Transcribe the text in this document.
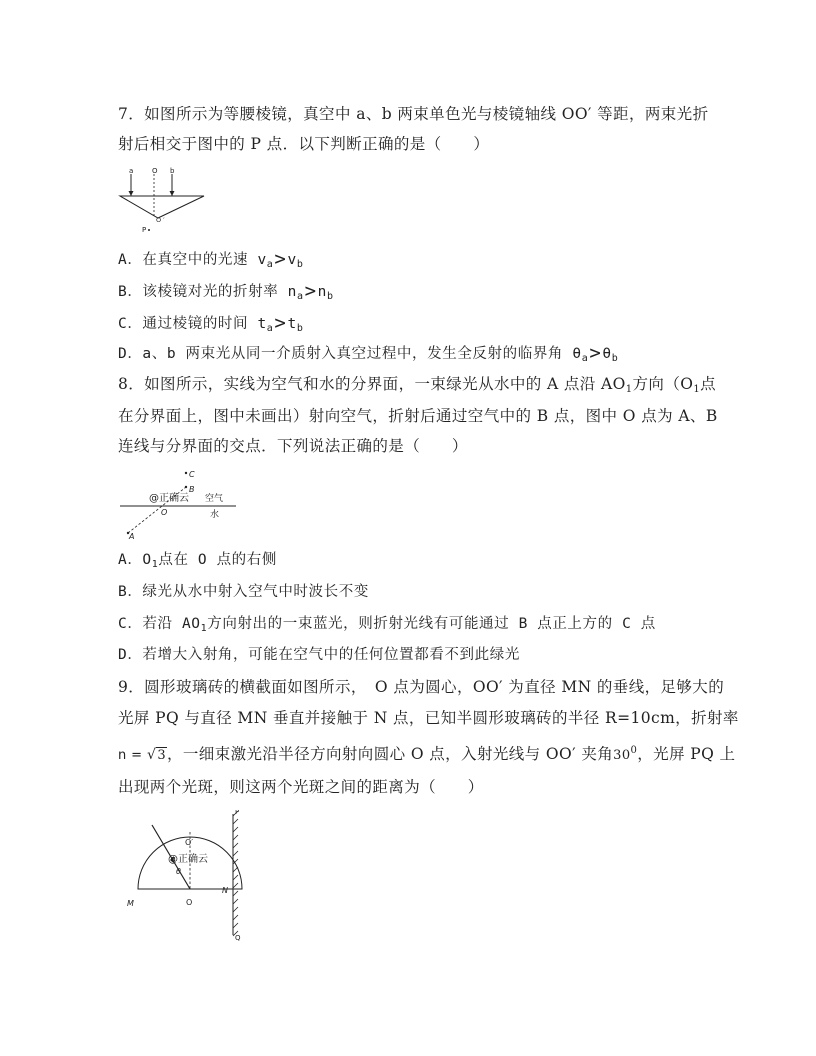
7．如图所示为等腰棱镜，真空中 a、b 两束单色光与棱镜轴线 OO′ 等距，两束光折
射后相交于图中的 P 点．以下判断正确的是（　　）
a	O b
O ′
P
A．在真空中的光速 $v_a>v_b$
B．该棱镜对光的折射率 $n_a>n_b$
C．通过棱镜的时间 $t_a>t_b$
D．a、b 两束光从同一介质射入真空过程中，发生全反射的临界角 $\theta_a>\theta_b$
8．如图所示，实线为空气和水的分界面，一束绿光从水中的 A 点沿 $AO_1$方向（$O_1$点
在分界面上，图中未画出）射向空气，折射后通过空气中的 B 点，图中 O 点为 A、B
连线与分界面的交点．下列说法正确的是（　　）
C
B
空气
O	水
A
@正确云
A．$O_1$点在 O 点的右侧
B．绿光从水中射入空气中时波长不变
C．若沿 $AO_1$方向射出的一束蓝光，则折射光线有可能通过 B 点正上方的 C 点
D．若增大入射角，可能在空气中的任何位置都看不到此绿光
9．圆形玻璃砖的横截面如图所示，　O 点为圆心，OO′ 为直径 MN 的垂线，足够大的
光屏 PQ 与直径 MN 垂直并接触于 N 点，已知半圆形玻璃砖的半径 R=10cm，折射率
n = √3，一细束激光沿半径方向射向圆心 O 点，入射光线与 OO′ 夹角$30^0$，光屏 PQ 上
出现两个光斑，则这两个光斑之间的距离为（　　）
P
O′
θ
M	O
N
Q
@正确云
